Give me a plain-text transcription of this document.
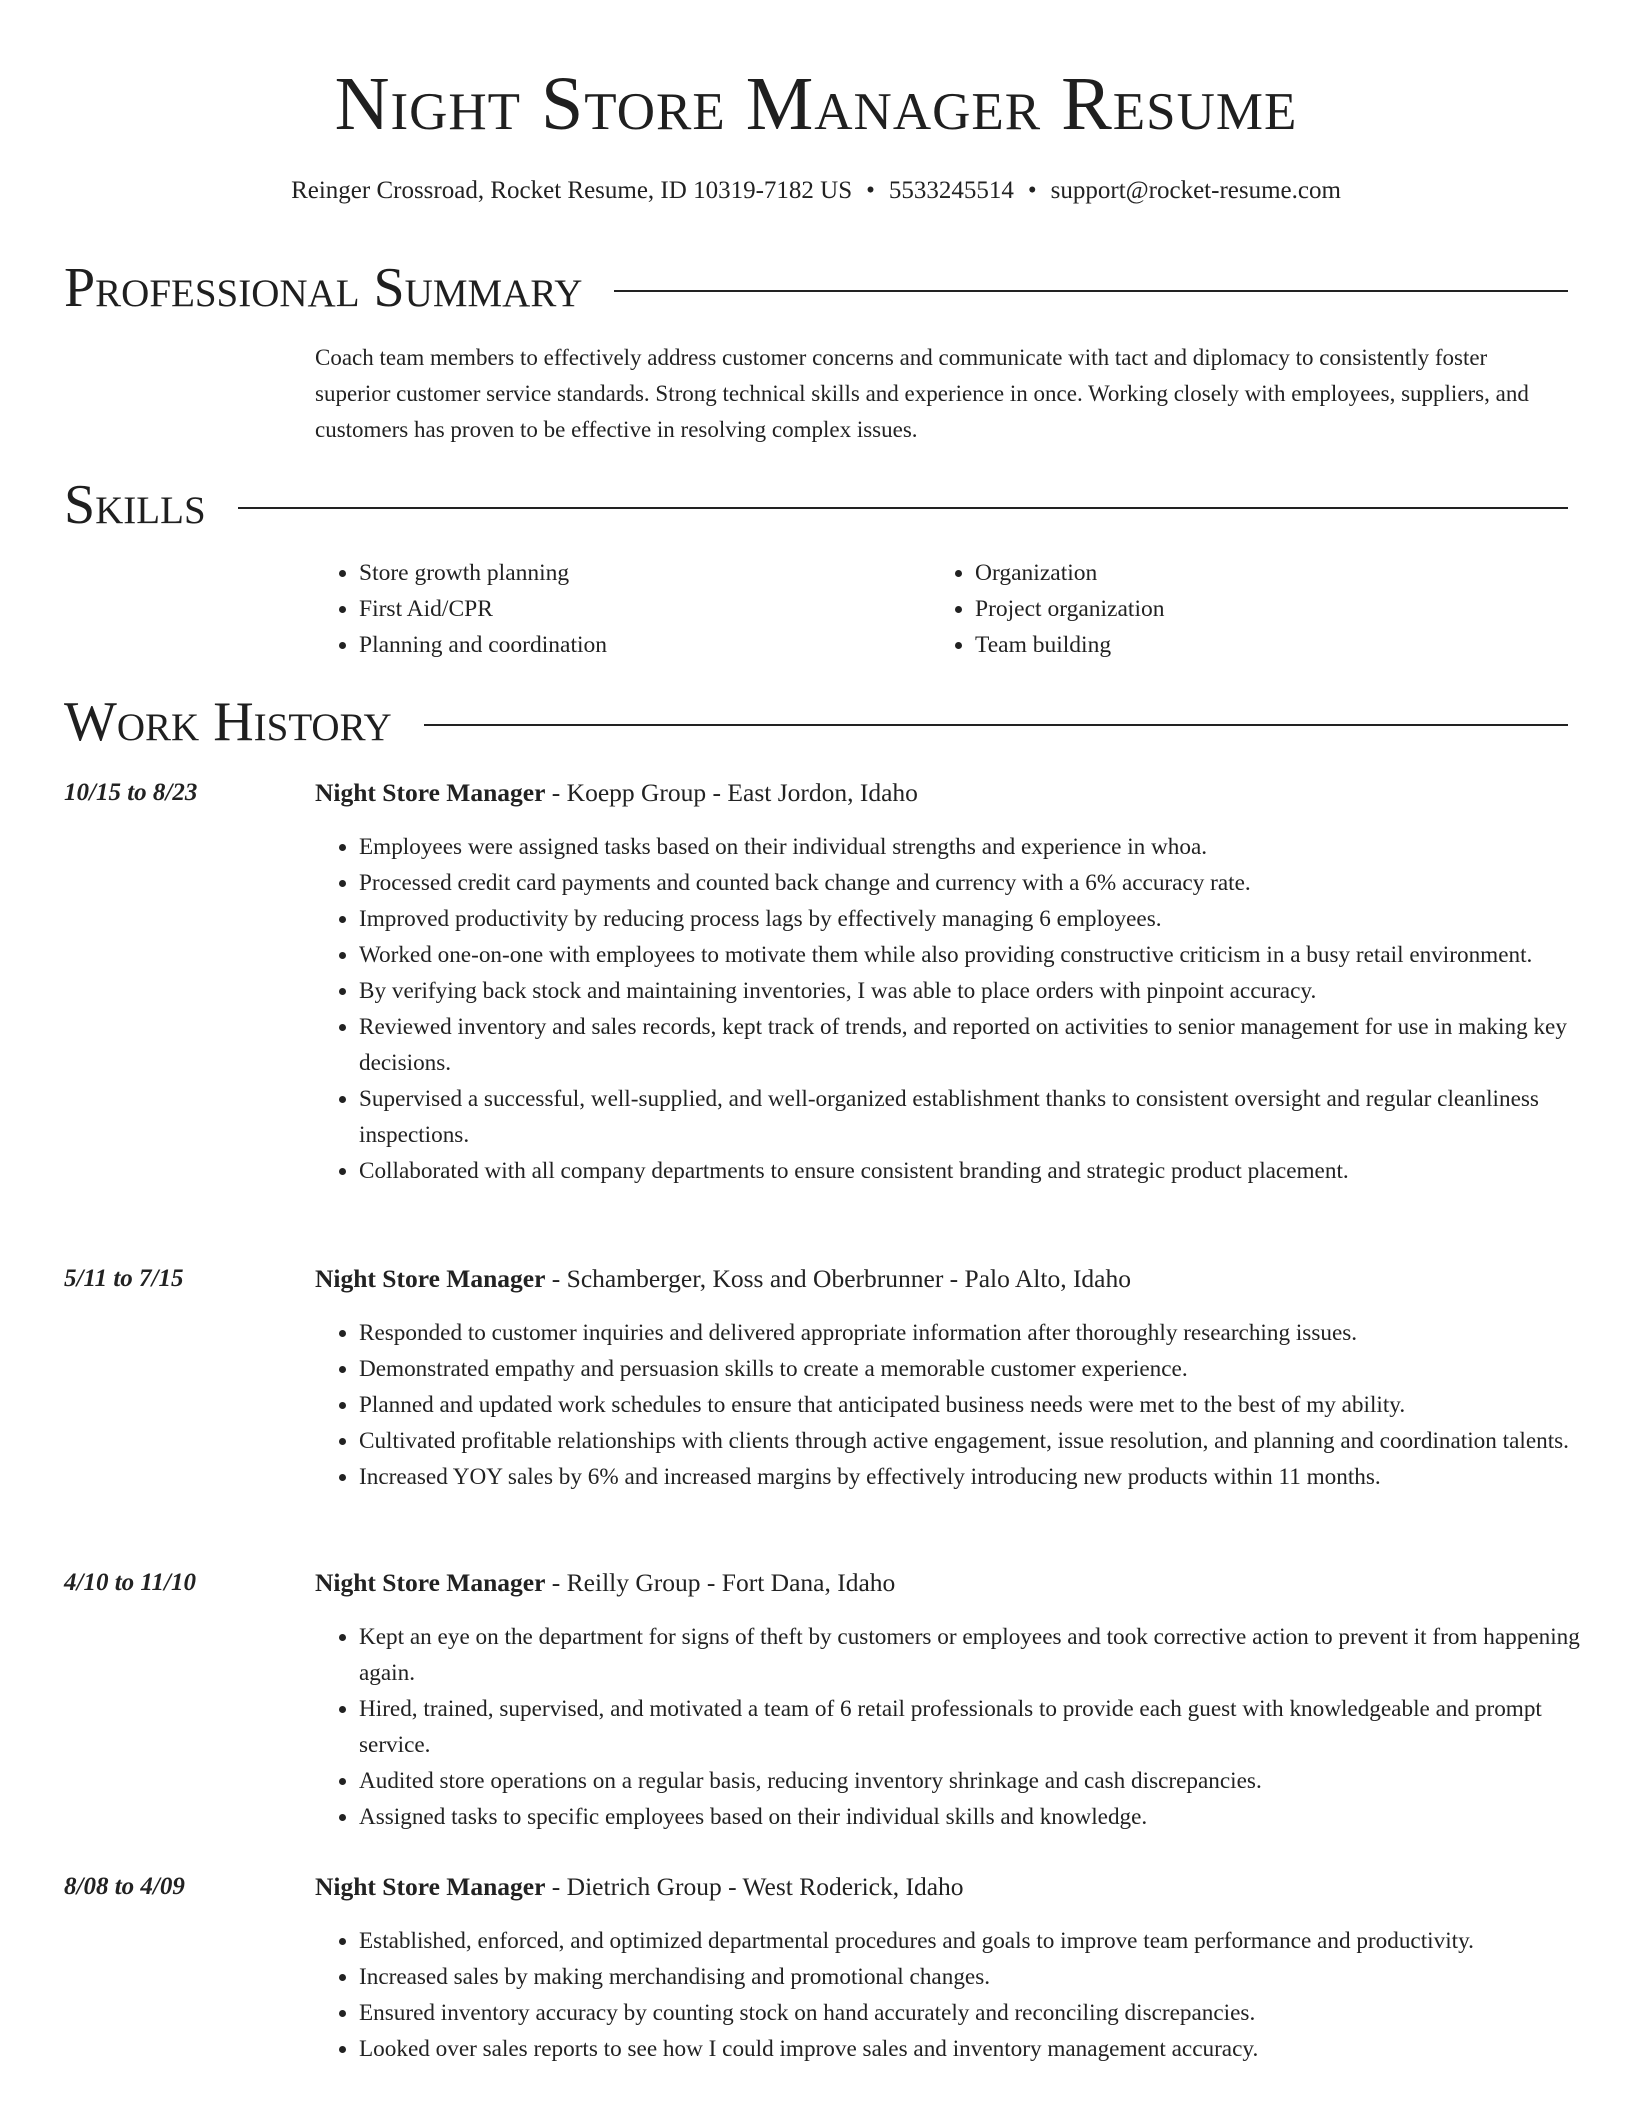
Night Store Manager Resume
Reinger Crossroad, Rocket Resume, ID 10319-7182 US • 5533245514 • support@rocket-resume.com
Professional Summary

Coach team members to effectively address customer concerns and communicate with tact and diplomacy to consistently foster superior customer service standards. Strong technical skills and experience in once. Working closely with employees, suppliers, and customers has proven to be effective in resolving complex issues.

Skills
• Store growth planning
• First Aid/CPR
• Planning and coordination
• Organization
• Project organization
• Team building
Work History
10/15 to 8/23	Night Store Manager - Koepp Group - East Jordon, Idaho
• Employees were assigned tasks based on their individual strengths and experience in whoa.
• Processed credit card payments and counted back change and currency with a 6% accuracy rate.
• Improved productivity by reducing process lags by effectively managing 6 employees.
• Worked one-on-one with employees to motivate them while also providing constructive criticism in a busy retail environment.
• By verifying back stock and maintaining inventories, I was able to place orders with pinpoint accuracy.
• Reviewed inventory and sales records, kept track of trends, and reported on activities to senior management for use in making key decisions.
• Supervised a successful, well-supplied, and well-organized establishment thanks to consistent oversight and regular cleanliness inspections.
• Collaborated with all company departments to ensure consistent branding and strategic product placement.
5/11 to 7/15	Night Store Manager - Schamberger, Koss and Oberbrunner - Palo Alto, Idaho
• Responded to customer inquiries and delivered appropriate information after thoroughly researching issues.
• Demonstrated empathy and persuasion skills to create a memorable customer experience.
• Planned and updated work schedules to ensure that anticipated business needs were met to the best of my ability.
• Cultivated profitable relationships with clients through active engagement, issue resolution, and planning and coordination talents.
• Increased YOY sales by 6% and increased margins by effectively introducing new products within 11 months.
4/10 to 11/10	Night Store Manager - Reilly Group - Fort Dana, Idaho
• Kept an eye on the department for signs of theft by customers or employees and took corrective action to prevent it from happening again.
• Hired, trained, supervised, and motivated a team of 6 retail professionals to provide each guest with knowledgeable and prompt service.
• Audited store operations on a regular basis, reducing inventory shrinkage and cash discrepancies.
• Assigned tasks to specific employees based on their individual skills and knowledge.
8/08 to 4/09	Night Store Manager - Dietrich Group - West Roderick, Idaho
• Established, enforced, and optimized departmental procedures and goals to improve team performance and productivity.
• Increased sales by making merchandising and promotional changes.
• Ensured inventory accuracy by counting stock on hand accurately and reconciling discrepancies.
• Looked over sales reports to see how I could improve sales and inventory management accuracy.
